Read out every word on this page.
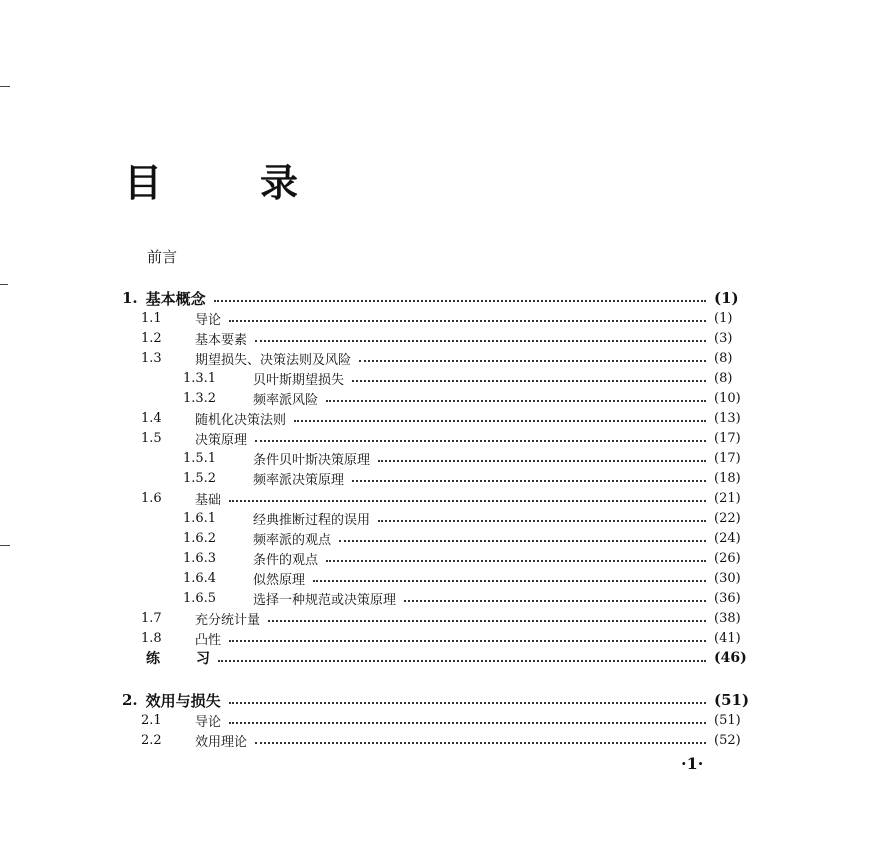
目	录
前言
1. 基本概念	(1)
1.1	导论	(1)
1.2	基本要素	(3)
1.3	期望损失、决策法则及风险	(8)
1.3.1	贝叶斯期望损失	(8)
1.3.2	频率派风险	(10)
1.4	随机化决策法则	(13)
1.5	决策原理	(17)
1.5.1	条件贝叶斯决策原理	(17)
1.5.2	频率派决策原理	(18)
1.6	基础	(21)
1.6.1	经典推断过程的误用	(22)
1.6.2	频率派的观点	(24)
1.6.3	条件的观点	(26)
1.6.4	似然原理	(30)
1.6.5	选择一种规范或决策原理	(36)
1.7	充分统计量	(38)
1.8	凸性	(41)
练	习	(46)
2. 效用与损失	(51)
2.1	导论	(51)
2.2	效用理论	(52)
·1·
